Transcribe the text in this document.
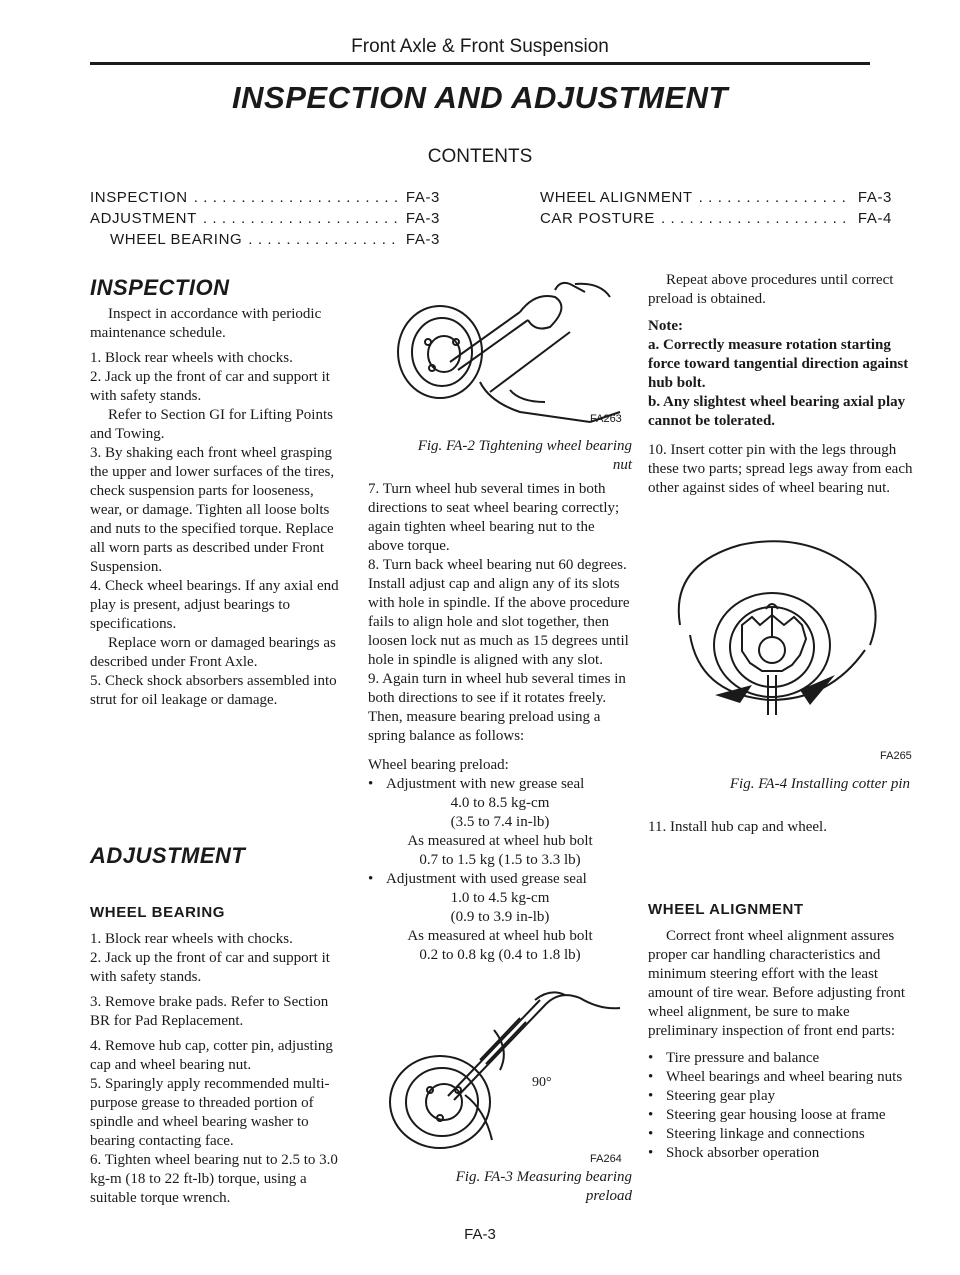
Front Axle & Front Suspension
INSPECTION AND ADJUSTMENT
CONTENTS
INSPECTION . . .	FA-3
ADJUSTMENT . . .	FA-3
WHEEL BEARING . . .	FA-3
WHEEL ALIGNMENT . . .	FA-3
CAR POSTURE . . .	FA-4
INSPECTION

Inspect in accordance with periodic maintenance schedule.

1. Block rear wheels with chocks.

2. Jack up the front of car and support it with safety stands.

Refer to Section GI for Lifting Points and Towing.

3. By shaking each front wheel grasping the upper and lower surfaces of the tires, check suspension parts for looseness, wear, or damage. Tighten all loose bolts and nuts to the specified torque. Replace all worn parts as described under Front Suspension.

4. Check wheel bearings. If any axial end play is present, adjust bearings to specifications.

Replace worn or damaged bearings as described under Front Axle.

5. Check shock absorbers assembled into strut for oil leakage or damage.

ADJUSTMENT
WHEEL BEARING

1. Block rear wheels with chocks.

2. Jack up the front of car and support it with safety stands.

3. Remove brake pads. Refer to Section BR for Pad Replacement.

4. Remove hub cap, cotter pin, adjusting cap and wheel bearing nut.

5. Sparingly apply recommended multi-purpose grease to threaded portion of spindle and wheel bearing washer to bearing contacting face.

6. Tighten wheel bearing nut to 2.5 to 3.0 kg-m (18 to 22 ft-lb) torque, using a suitable torque wrench.

FA263

Fig. FA-2 Tightening wheel bearing

nut

7. Turn wheel hub several times in both directions to seat wheel bearing correctly; again tighten wheel bearing nut to the above torque.

8. Turn back wheel bearing nut 60 degrees. Install adjust cap and align any of its slots with hole in spindle. If the above procedure fails to align hole and slot together, then loosen lock nut as much as 15 degrees until hole in spindle is aligned with any slot.

9. Again turn in wheel hub several times in both directions to see if it rotates freely. Then, measure bearing preload using a spring balance as follows:

Wheel bearing preload:

• Adjustment with new grease seal

4.0 to 8.5 kg-cm

(3.5 to 7.4 in-lb)

As measured at wheel hub bolt

0.7 to 1.5 kg (1.5 to 3.3 lb)

• Adjustment with used grease seal

1.0 to 4.5 kg-cm

(0.9 to 3.9 in-lb)

As measured at wheel hub bolt

0.2 to 0.8 kg (0.4 to 1.8 lb)

90°
FA264

Fig. FA-3 Measuring bearing

preload

Repeat above procedures until correct preload is obtained.

Note:

a. Correctly measure rotation starting force toward tangential direction against hub bolt.

b. Any slightest wheel bearing axial play cannot be tolerated.

10. Insert cotter pin with the legs through these two parts; spread legs away from each other against sides of wheel bearing nut.

FA265
Fig. FA-4 Installing cotter pin

11. Install hub cap and wheel.

WHEEL ALIGNMENT

Correct front wheel alignment assures proper car handling characteristics and minimum steering effort with the least amount of tire wear. Before adjusting front wheel alignment, be sure to make preliminary inspection of front end parts:

• Tire pressure and balance
• Wheel bearings and wheel bearing nuts
• Steering gear play
• Steering gear housing loose at frame
• Steering linkage and connections
• Shock absorber operation
FA-3
